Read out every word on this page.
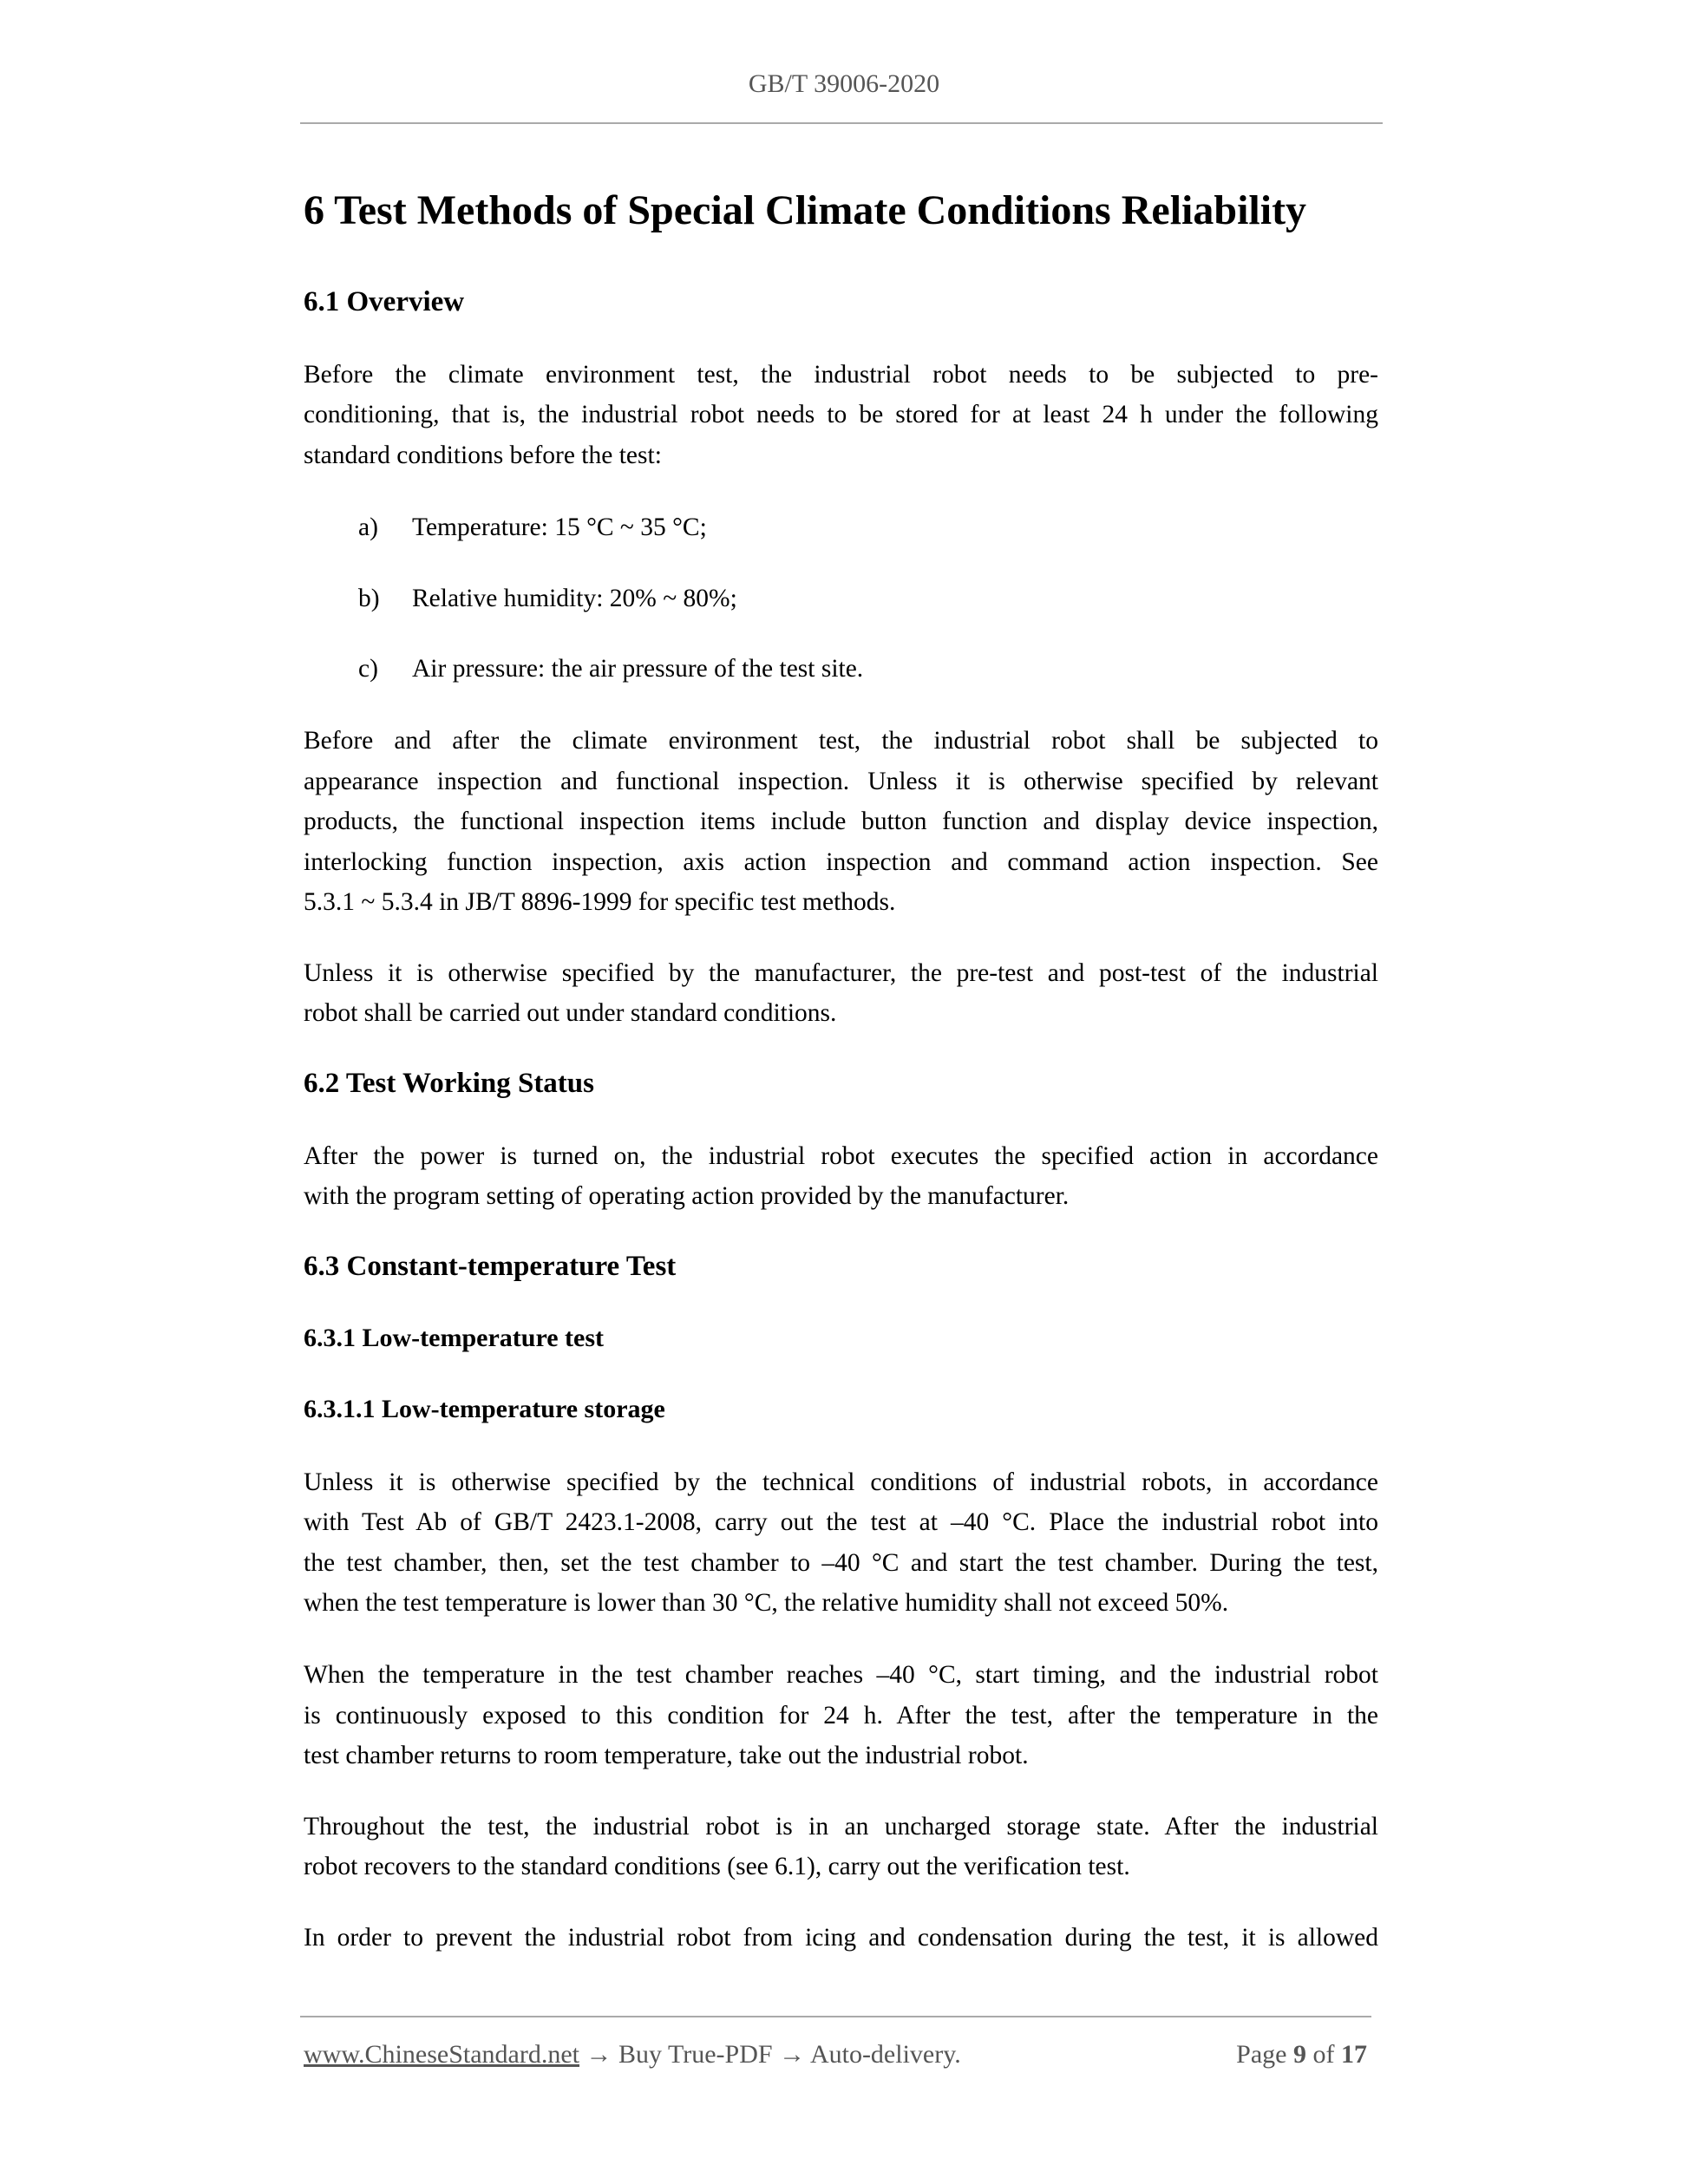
GB/T 39006-2020
6 Test Methods of Special Climate Conditions Reliability
6.1 Overview
Before the climate environment test, the industrial robot needs to be subjected to pre-
conditioning, that is, the industrial robot needs to be stored for at least 24 h under the following
standard conditions before the test:
a) Temperature: 15 °C ~ 35 °C;
b) Relative humidity: 20% ~ 80%;
c) Air pressure: the air pressure of the test site.
Before and after the climate environment test, the industrial robot shall be subjected to
appearance inspection and functional inspection. Unless it is otherwise specified by relevant
products, the functional inspection items include button function and display device inspection,
interlocking function inspection, axis action inspection and command action inspection. See
5.3.1 ~ 5.3.4 in JB/T 8896-1999 for specific test methods.
Unless it is otherwise specified by the manufacturer, the pre-test and post-test of the industrial
robot shall be carried out under standard conditions.
6.2 Test Working Status
After the power is turned on, the industrial robot executes the specified action in accordance
with the program setting of operating action provided by the manufacturer.
6.3 Constant-temperature Test
6.3.1 Low-temperature test
6.3.1.1 Low-temperature storage
Unless it is otherwise specified by the technical conditions of industrial robots, in accordance
with Test Ab of GB/T 2423.1-2008, carry out the test at –40 °C. Place the industrial robot into
the test chamber, then, set the test chamber to –40 °C and start the test chamber. During the test,
when the test temperature is lower than 30 °C, the relative humidity shall not exceed 50%.
When the temperature in the test chamber reaches –40 °C, start timing, and the industrial robot
is continuously exposed to this condition for 24 h. After the test, after the temperature in the
test chamber returns to room temperature, take out the industrial robot.
Throughout the test, the industrial robot is in an uncharged storage state. After the industrial
robot recovers to the standard conditions (see 6.1), carry out the verification test.
In order to prevent the industrial robot from icing and condensation during the test, it is allowed
www.ChineseStandard.net → Buy True-PDF → Auto-delivery.	Page 9 of 17
